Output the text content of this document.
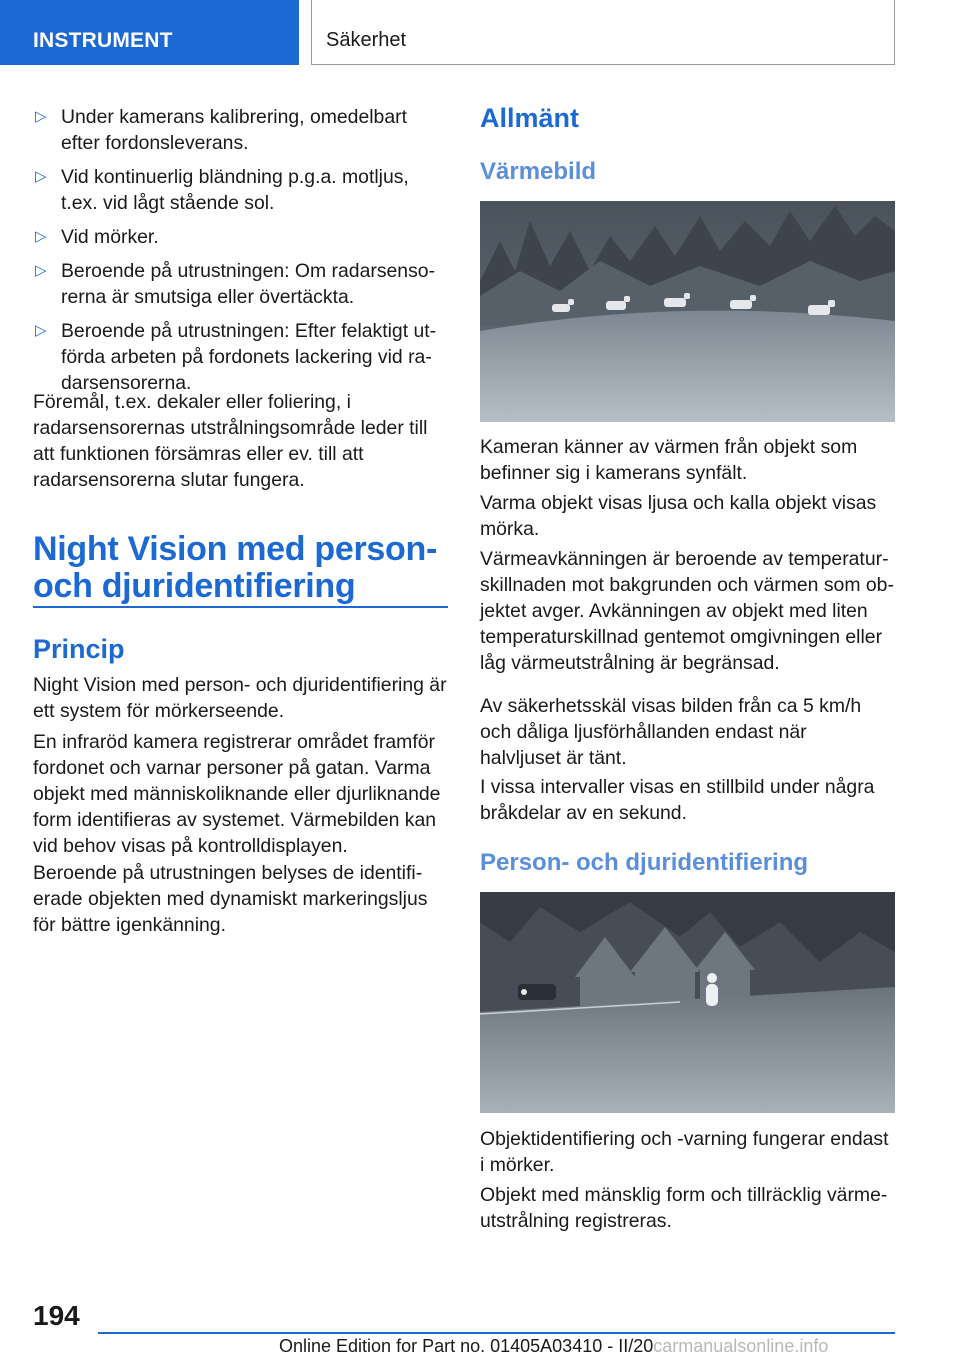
INSTRUMENT	Säkerhet
▷ Under kamerans kalibrering, omedelbart efter fordonsleverans.
▷ Vid kontinuerlig bländning p.g.a. motljus, t.ex. vid lågt stående sol.
▷ Vid mörker.
▷ Beroende på utrustningen: Om radarsensorerna är smutsiga eller övertäckta.
▷ Beroende på utrustningen: Efter felaktigt utförda arbeten på fordonets lackering vid radarsensorerna.

Föremål, t.ex. dekaler eller foliering, i radarsensorernas utstrålningsområde leder till att funktionen försämras eller ev. till att radarsensorerna slutar fungera.

Night Vision med person- och djuridentifiering
Princip

Night Vision med person- och djuridentifiering är ett system för mörkerseende.

En infraröd kamera registrerar området framför fordonet och varnar personer på gatan. Varma objekt med människoliknande eller djurliknande form identifieras av systemet. Värmebilden kan vid behov visas på kontrolldisplayen.

Beroende på utrustningen belyses de identifierade objekten med dynamiskt markeringsljus för bättre igenkänning.

Allmänt
Värmebild

Kameran känner av värmen från objekt som befinner sig i kamerans synfält.

Varma objekt visas ljusa och kalla objekt visas mörka.

Värmeavkänningen är beroende av temperaturskillnaden mot bakgrunden och värmen som objektet avger. Avkänningen av objekt med liten temperaturskillnad gentemot omgivningen eller låg värmeutstrålning är begränsad.

Av säkerhetsskäl visas bilden från ca 5 km/h och dåliga ljusförhållanden endast när halvljuset är tänt.

I vissa intervaller visas en stillbild under några bråkdelar av en sekund.

Person- och djuridentifiering

Objektidentifiering och -varning fungerar endast i mörker.

Objekt med mänsklig form och tillräcklig värmeutstrålning registreras.

194
Online Edition for Part no. 01405A03410 - II/20carmanualsonline.info
